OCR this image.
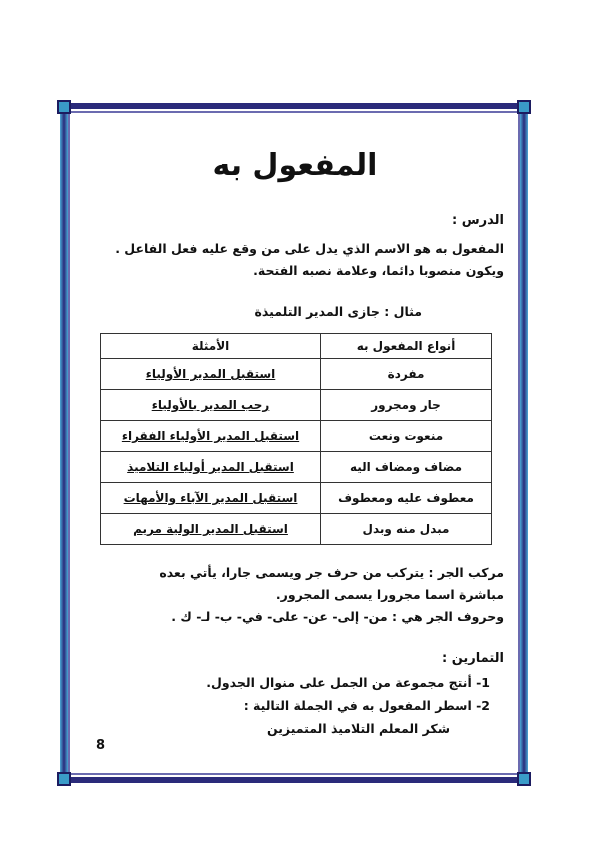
المفعول به
الدرس :
المفعول به هو الاسم الذي يدل على من وقع عليه فعل الفاعل .
ويكون منصوبا دائما، وعلامة نصبه الفتحة.
مثال : جازى المدير التلميذة
أنواع المفعول به	الأمثلة
مفردة	استقبل المدير الأولياء
جار ومجرور	رحب المدير بالأولياء
منعوت ونعت	استقبل المدير الأولياء الفقراء
مضاف ومضاف اليه	استقبل المدير أولياء التلاميذ
معطوف عليه ومعطوف	استقبل المدير الآباء والأمهات
مبدل منه وبدل	استقبل المدير الولية مريم
مركب الجر : يتركب من حرف جر ويسمى جارا، يأتي بعده
مباشرة اسما مجرورا يسمى المجرور.
وحروف الجر هي : من- إلى- عن- على- في- ب- لـ- ك .
التمارين :
1- أنتج مجموعة من الجمل على منوال الجدول.
2- اسطر المفعول به في الجملة التالية :
شكر المعلم التلاميذ المتميزين
8
